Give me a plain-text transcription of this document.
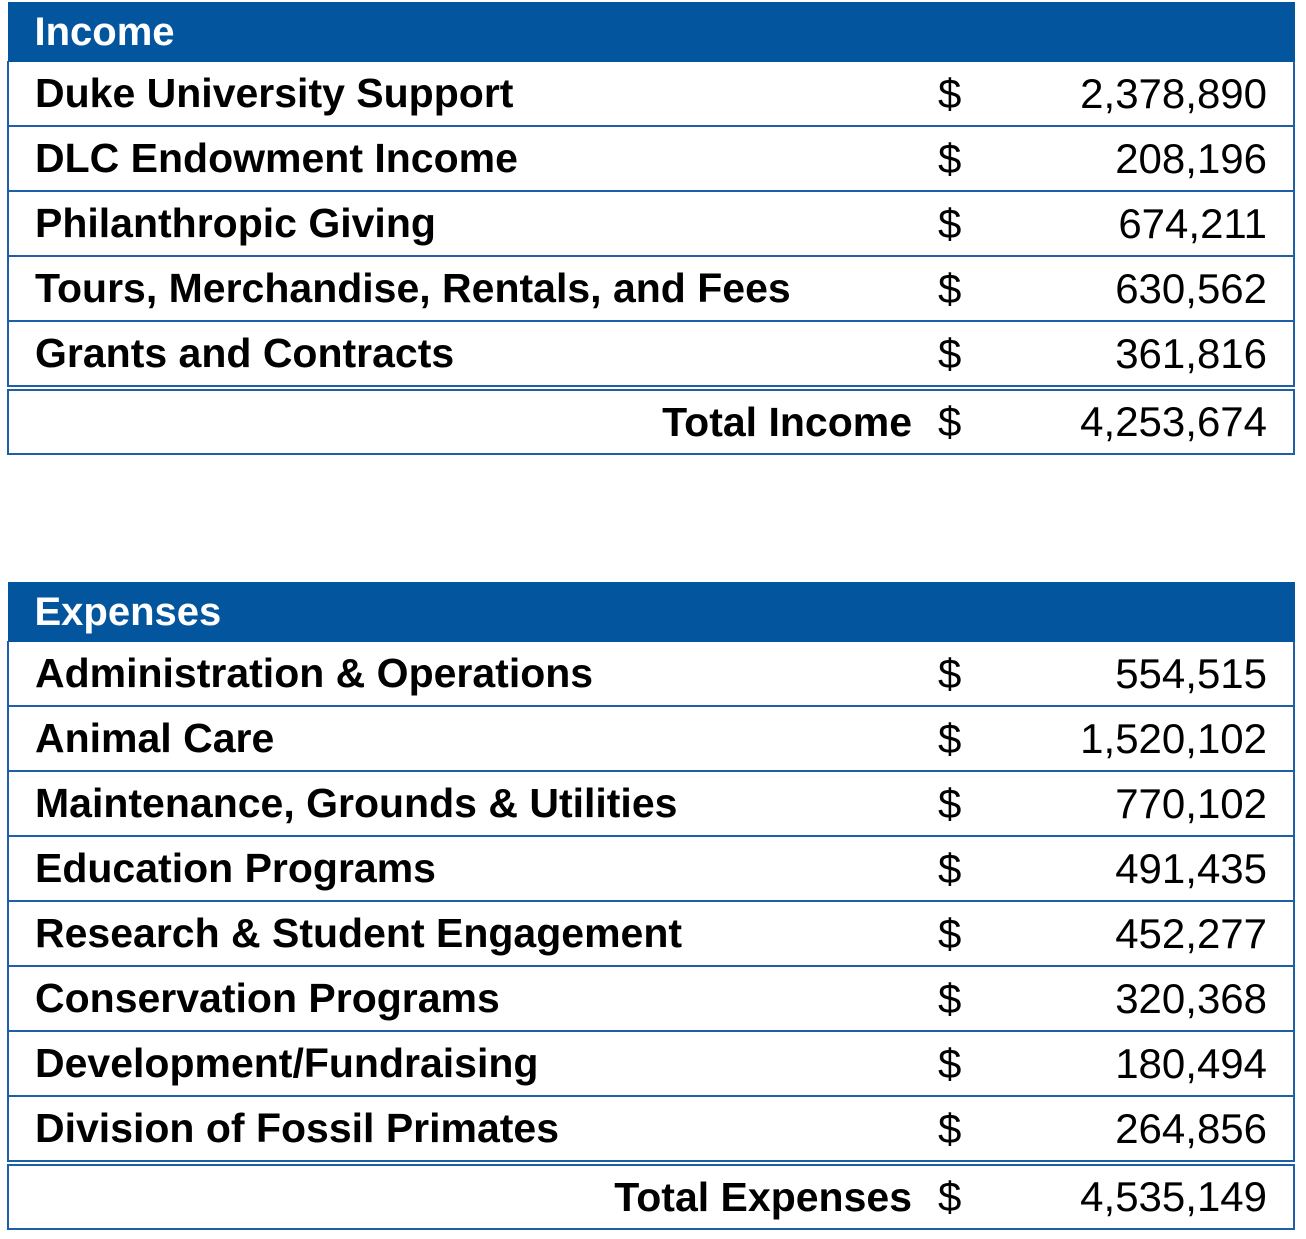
Income		
Duke University Support	$	2,378,890
DLC Endowment Income	$	208,196
Philanthropic Giving	$	674,211
Tours, Merchandise, Rentals, and Fees	$	630,562
Grants and Contracts	$	361,816
Total Income	$	4,253,674
Expenses		
Administration & Operations	$	554,515
Animal Care	$	1,520,102
Maintenance, Grounds & Utilities	$	770,102
Education Programs	$	491,435
Research & Student Engagement	$	452,277
Conservation Programs	$	320,368
Development/Fundraising	$	180,494
Division of Fossil Primates	$	264,856
Total Expenses	$	4,535,149
